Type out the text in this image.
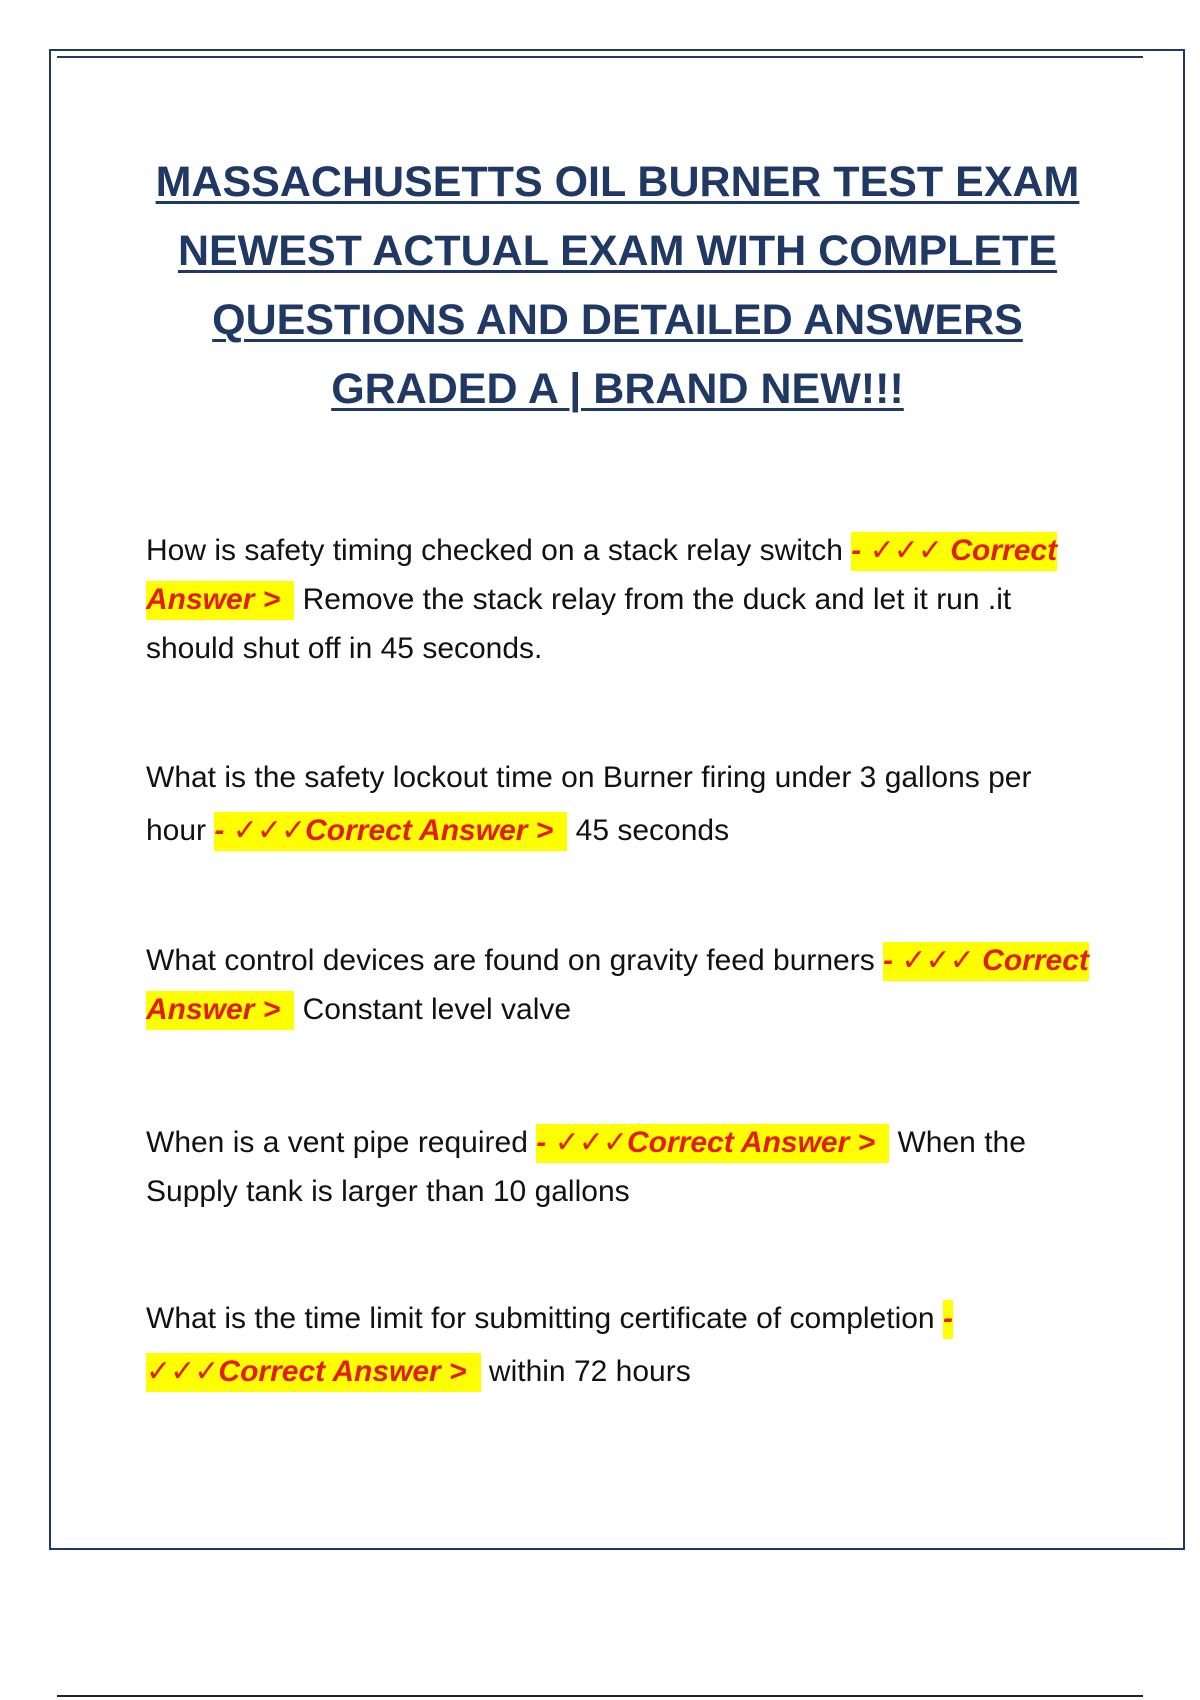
MASSACHUSETTS OIL BURNER TEST EXAM NEWEST ACTUAL EXAM WITH COMPLETE QUESTIONS AND DETAILED ANSWERS GRADED A | BRAND NEW!!!

How is safety timing checked on a stack relay switch - ✓✓✓ Correct Answer > Remove the stack relay from the duck and let it run .it should shut off in 45 seconds.

What is the safety lockout time on Burner firing under 3 gallons per hour - ✓✓✓Correct Answer > 45 seconds

What control devices are found on gravity feed burners - ✓✓✓ Correct Answer > Constant level valve

When is a vent pipe required - ✓✓✓Correct Answer > When the Supply tank is larger than 10 gallons

What is the time limit for submitting certificate of completion - ✓✓✓Correct Answer > within 72 hours
